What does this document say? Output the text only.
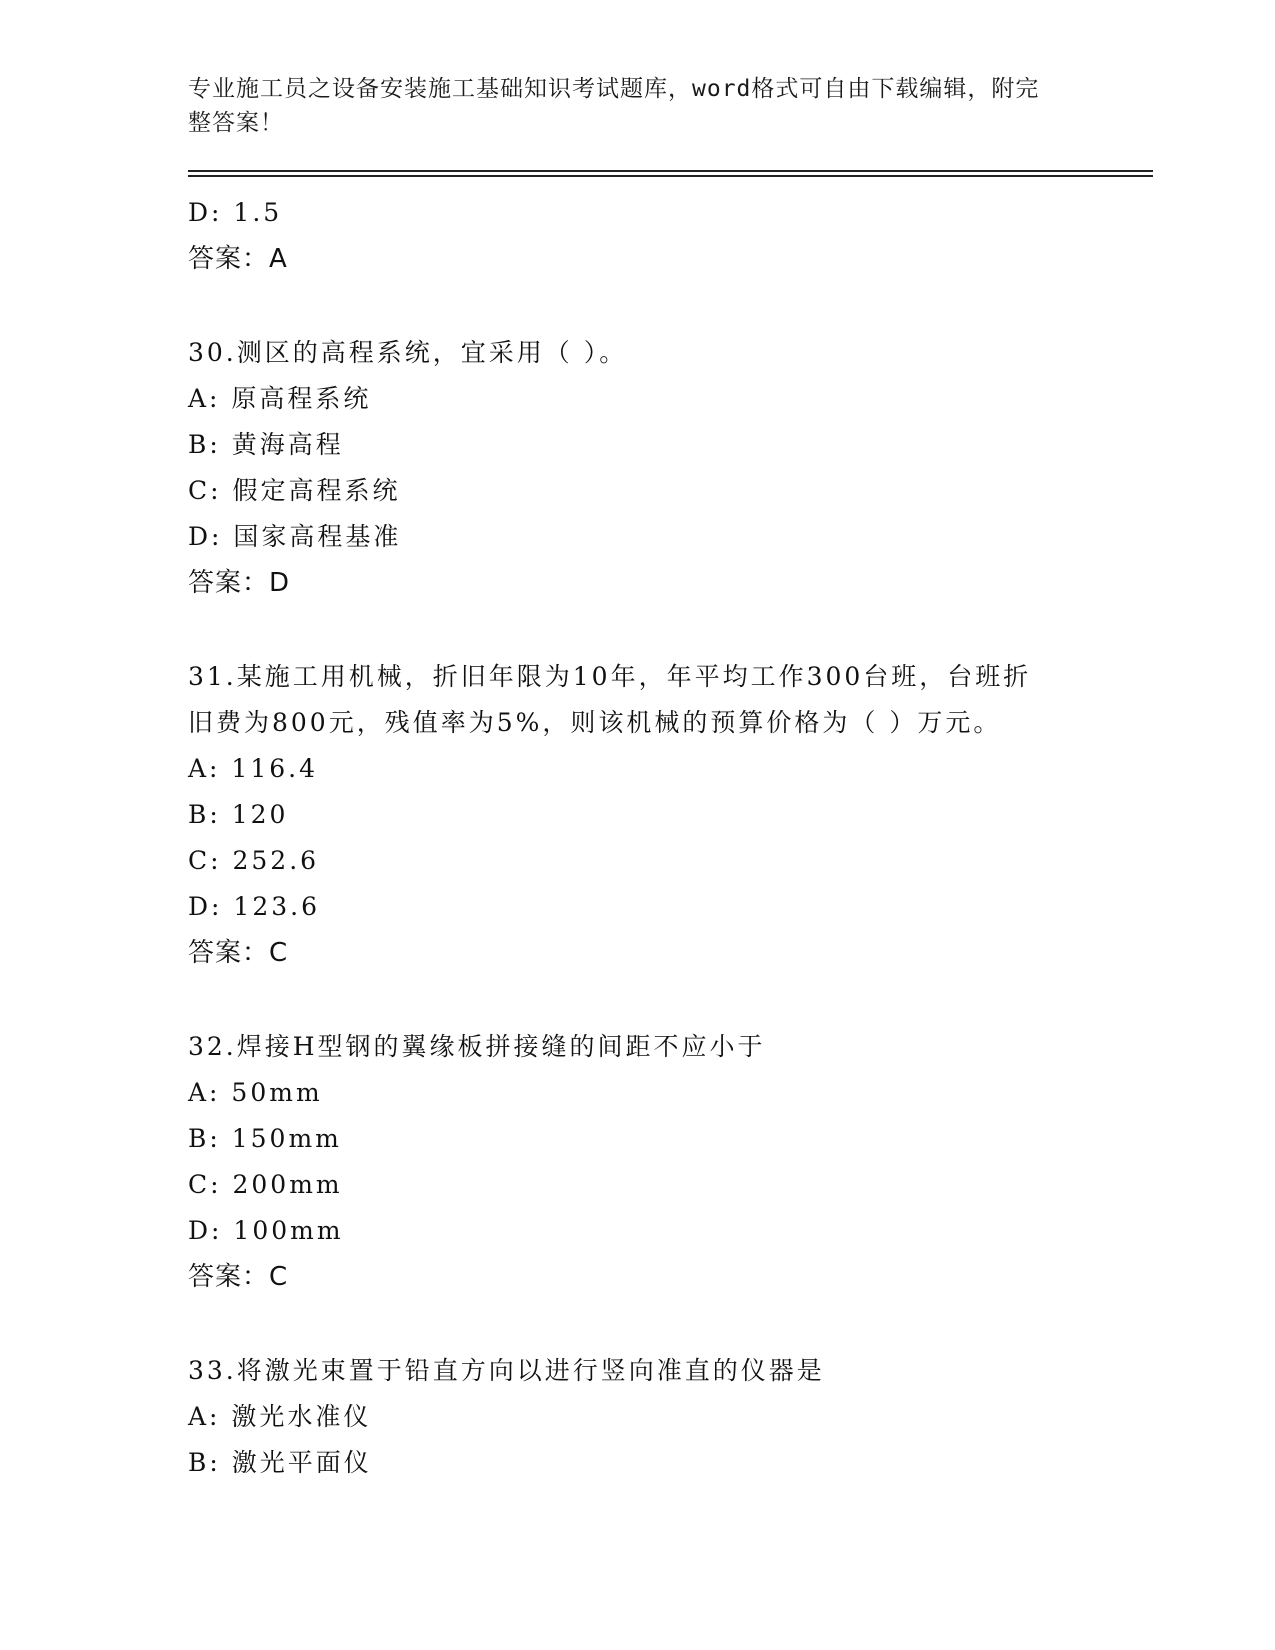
专业施工员之设备安装施工基础知识考试题库，word格式可自由下载编辑，附完
整答案！

D: 1.5

答案：A

30.测区的高程系统，宜采用（ ）。

A: 原高程系统

B: 黄海高程

C: 假定高程系统

D: 国家高程基准

答案：D

31.某施工用机械，折旧年限为10年，年平均工作300台班，台班折

旧费为800元，残值率为5%，则该机械的预算价格为（ ）万元。

A: 116.4

B: 120

C: 252.6

D: 123.6

答案：C

32.焊接H型钢的翼缘板拼接缝的间距不应小于

A: 50mm

B: 150mm

C: 200mm

D: 100mm

答案：C

33.将激光束置于铅直方向以进行竖向准直的仪器是

A: 激光水准仪

B: 激光平面仪
